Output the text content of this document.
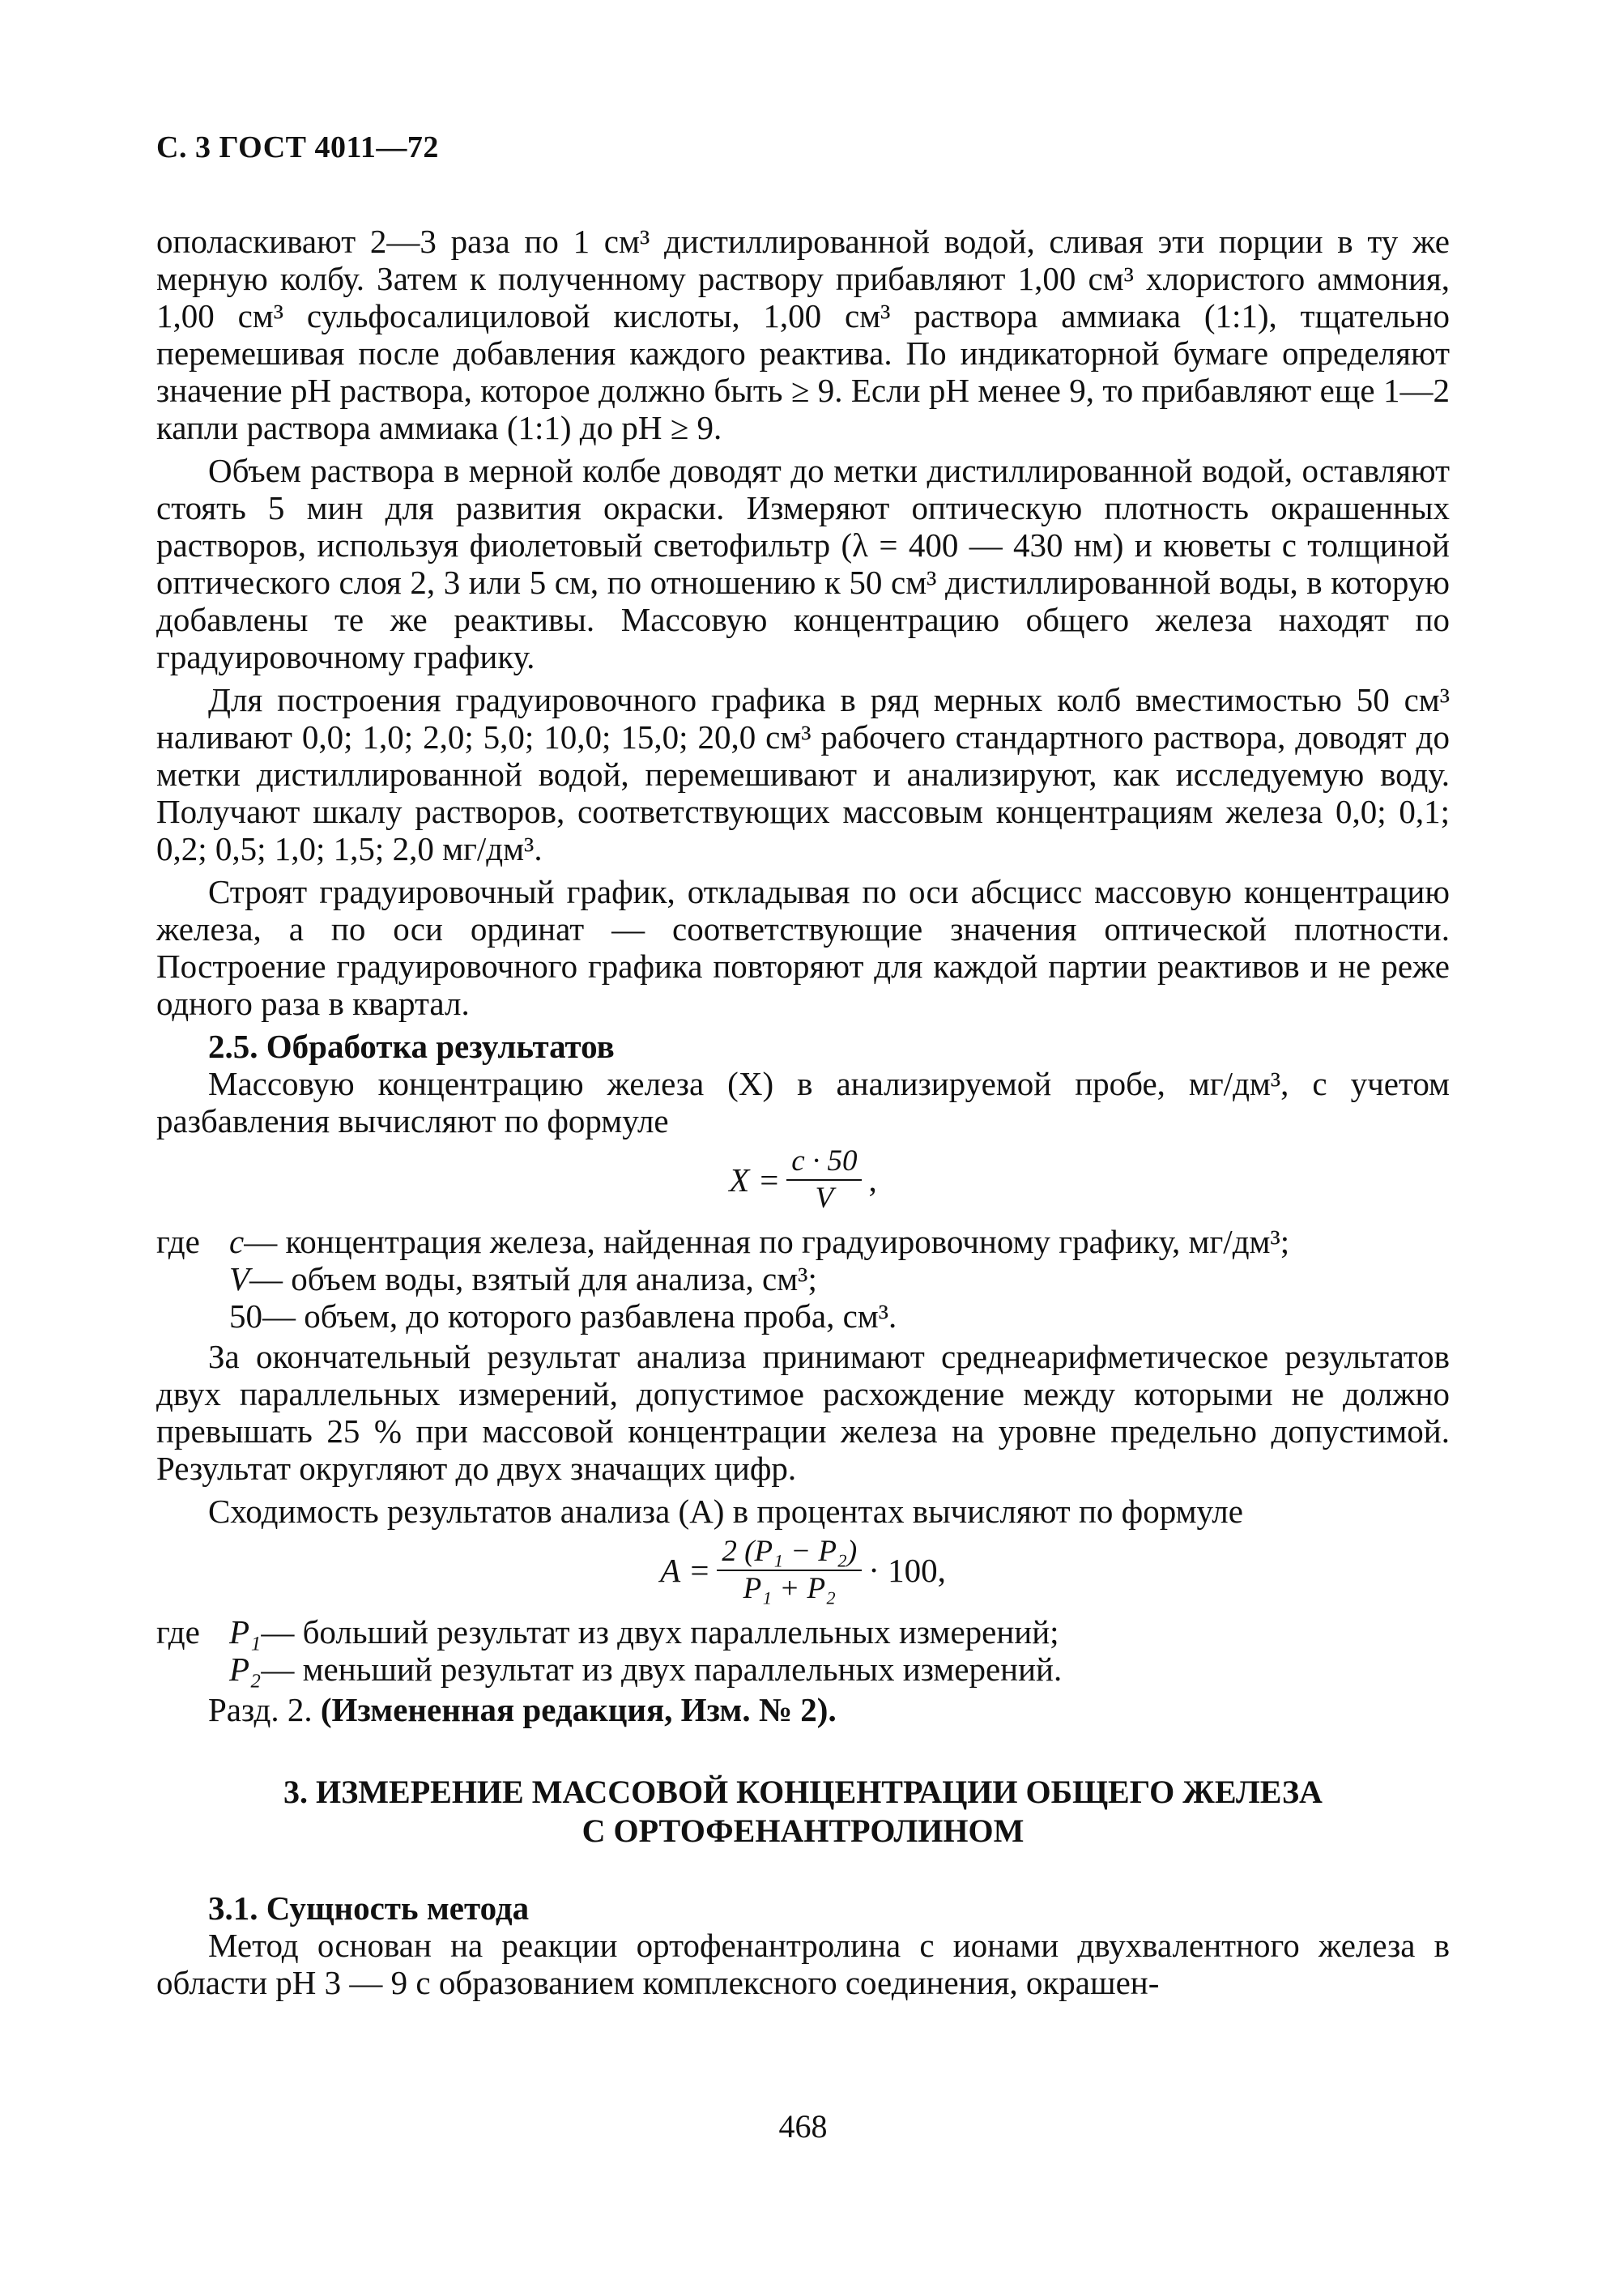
С. 3 ГОСТ 4011—72

ополаскивают 2—3 раза по 1 см³ дистиллированной водой, сливая эти порции в ту же мерную колбу. Затем к полученному раствору прибавляют 1,00 см³ хлористого аммония, 1,00 см³ сульфосалициловой кислоты, 1,00 см³ раствора аммиака (1:1), тщательно перемешивая после добавления каждого реактива. По индикаторной бумаге определяют значение pH раствора, которое должно быть ≥ 9. Если pH менее 9, то прибавляют еще 1—2 капли раствора аммиака (1:1) до pH ≥ 9.

Объем раствора в мерной колбе доводят до метки дистиллированной водой, оставляют стоять 5 мин для развития окраски. Измеряют оптическую плотность окрашенных растворов, используя фиолетовый светофильтр (λ = 400 — 430 нм) и кюветы с толщиной оптического слоя 2, 3 или 5 см, по отношению к 50 см³ дистиллированной воды, в которую добавлены те же реактивы. Массовую концентрацию общего железа находят по градуировочному графику.

Для построения градуировочного графика в ряд мерных колб вместимостью 50 см³ наливают 0,0; 1,0; 2,0; 5,0; 10,0; 15,0; 20,0 см³ рабочего стандартного раствора, доводят до метки дистиллированной водой, перемешивают и анализируют, как исследуемую воду. Получают шкалу растворов, соответствующих массовым концентрациям железа 0,0; 0,1; 0,2; 0,5; 1,0; 1,5; 2,0 мг/дм³.

Строят градуировочный график, откладывая по оси абсцисс массовую концентрацию железа, а по оси ординат — соответствующие значения оптической плотности. Построение градуировочного графика повторяют для каждой партии реактивов и не реже одного раза в квартал.

2.5. Обработка результатов

Массовую концентрацию железа (X) в анализируемой пробе, мг/дм³, с учетом разбавления вычисляют по формуле

$X = \frac{c \cdot 50}{V}$ ,
где c — концентрация железа, найденная по градуировочному графику, мг/дм³;
V — объем воды, взятый для анализа, см³;
50 — объем, до которого разбавлена проба, см³.

За окончательный результат анализа принимают среднеарифметическое результатов двух параллельных измерений, допустимое расхождение между которыми не должно превышать 25 % при массовой концентрации железа на уровне предельно допустимой. Результат округляют до двух значащих цифр.

Сходимость результатов анализа (A) в процентах вычисляют по формуле

$A = \frac{\text{2 (P₁ − P₂)}}{\text{P₁ + P₂}} \cdot 100$,
где P₁ — больший результат из двух параллельных измерений;
P₂ — меньший результат из двух параллельных измерений.

Разд. 2. (Измененная редакция, Изм. № 2).

3. ИЗМЕРЕНИЕ МАССОВОЙ КОНЦЕНТРАЦИИ ОБЩЕГО ЖЕЛЕЗА
С ОРТОФЕНАНТРОЛИНОМ

3.1. Сущность метода

Метод основан на реакции ортофенантролина с ионами двухвалентного железа в области pH 3 — 9 с образованием комплексного соединения, окрашен-

468
